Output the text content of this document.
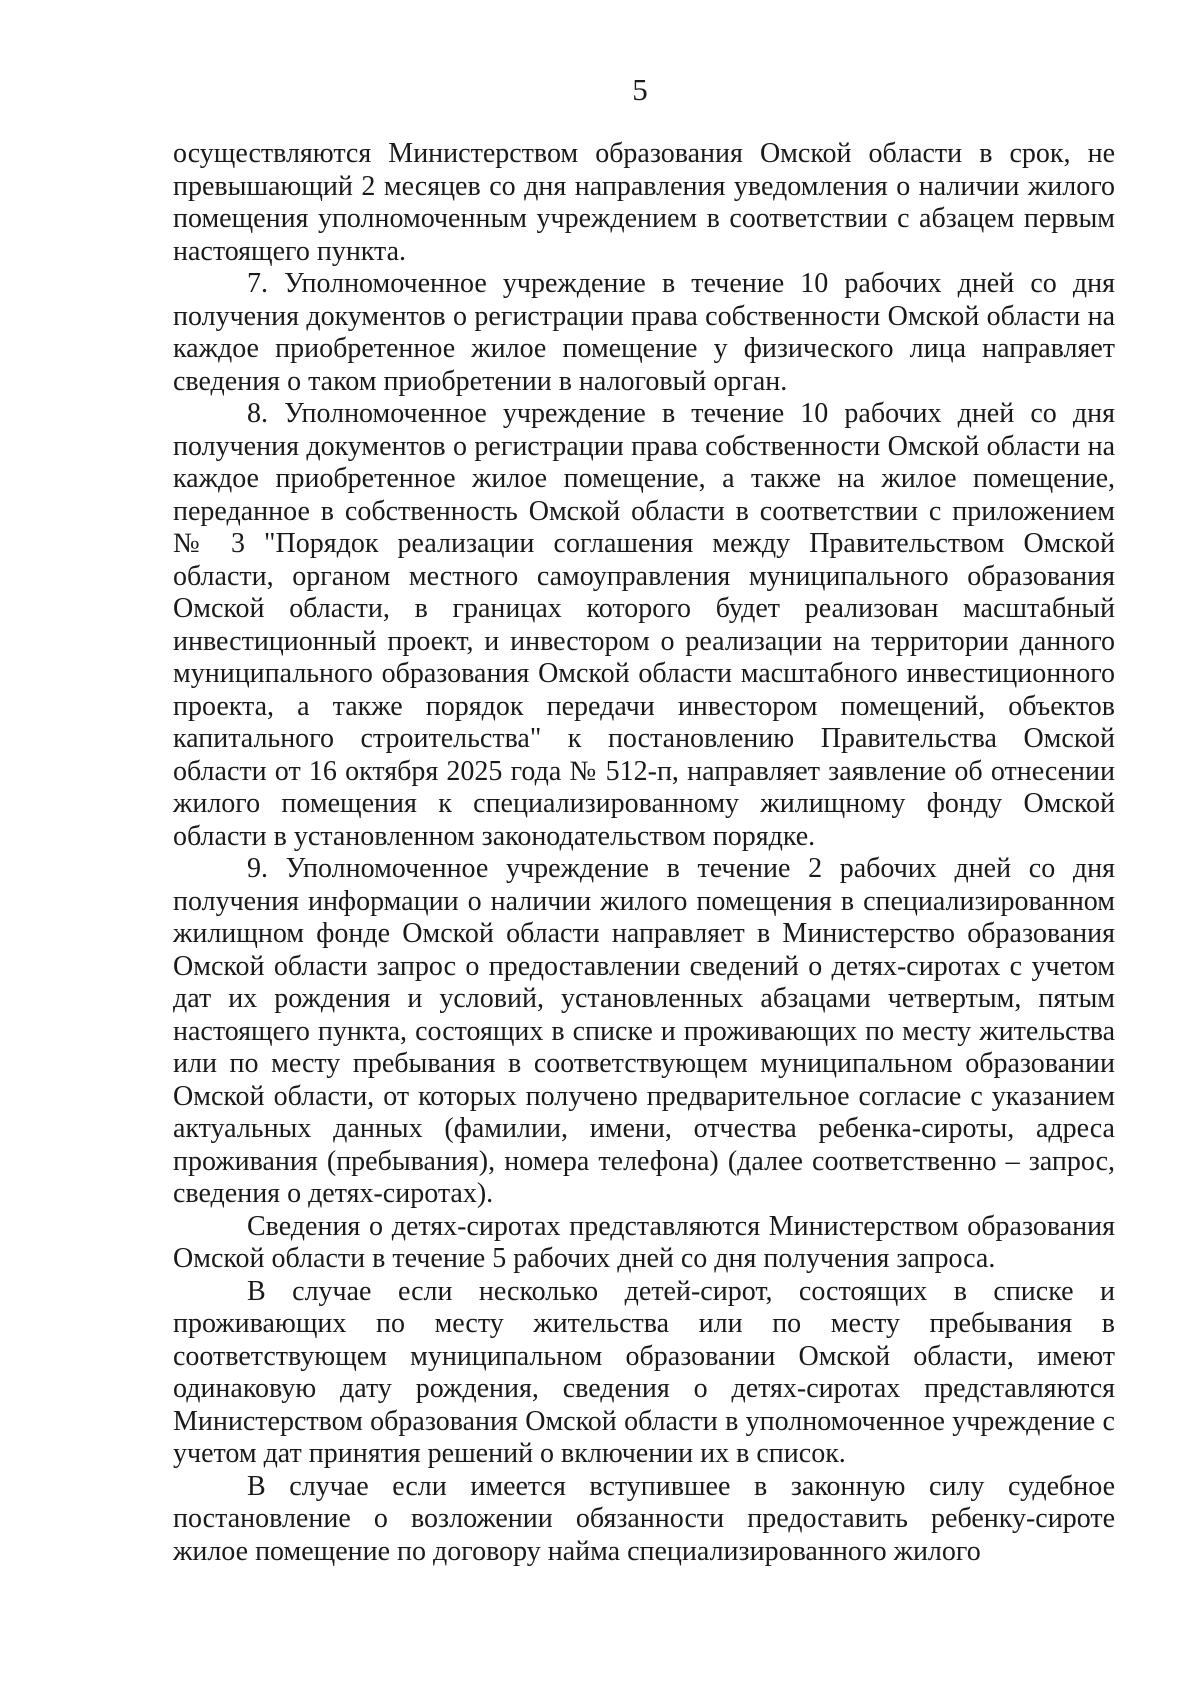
5

осуществляются Министерством образования Омской области в срок, не превышающий 2 месяцев со дня направления уведомления о наличии жилого помещения уполномоченным учреждением в соответствии с абзацем первым настоящего пункта.

7. Уполномоченное учреждение в течение 10 рабочих дней со дня получения документов о регистрации права собственности Омской области на каждое приобретенное жилое помещение у физического лица направляет сведения о таком приобретении в налоговый орган.

8. Уполномоченное учреждение в течение 10 рабочих дней со дня получения документов о регистрации права собственности Омской области на каждое приобретенное жилое помещение, а также на жилое помещение, переданное в собственность Омской области в соответствии с приложением № 3 "Порядок реализации соглашения между Правительством Омской области, органом местного самоуправления муниципального образования Омской области, в границах которого будет реализован масштабный инвестиционный проект, и инвестором о реализации на территории данного муниципального образования Омской области масштабного инвестиционного проекта, а также порядок передачи инвестором помещений, объектов капитального строительства" к постановлению Правительства Омской области от 16 октября 2025 года № 512-п, направляет заявление об отнесении жилого помещения к специализированному жилищному фонду Омской области в установленном законодательством порядке.

9. Уполномоченное учреждение в течение 2 рабочих дней со дня получения информации о наличии жилого помещения в специализированном жилищном фонде Омской области направляет в Министерство образования Омской области запрос о предоставлении сведений о детях-сиротах с учетом дат их рождения и условий, установленных абзацами четвертым, пятым настоящего пункта, состоящих в списке и проживающих по месту жительства или по месту пребывания в соответствующем муниципальном образовании Омской области, от которых получено предварительное согласие с указанием актуальных данных (фамилии, имени, отчества ребенка-сироты, адреса проживания (пребывания), номера телефона) (далее соответственно – запрос, сведения о детях-сиротах).

Сведения о детях-сиротах представляются Министерством образования Омской области в течение 5 рабочих дней со дня получения запроса.

В случае если несколько детей-сирот, состоящих в списке и проживающих по месту жительства или по месту пребывания в соответствующем муниципальном образовании Омской области, имеют одинаковую дату рождения, сведения о детях-сиротах представляются Министерством образования Омской области в уполномоченное учреждение с учетом дат принятия решений о включении их в список.

В случае если имеется вступившее в законную силу судебное постановление о возложении обязанности предоставить ребенку-сироте жилое помещение по договору найма специализированного жилого
